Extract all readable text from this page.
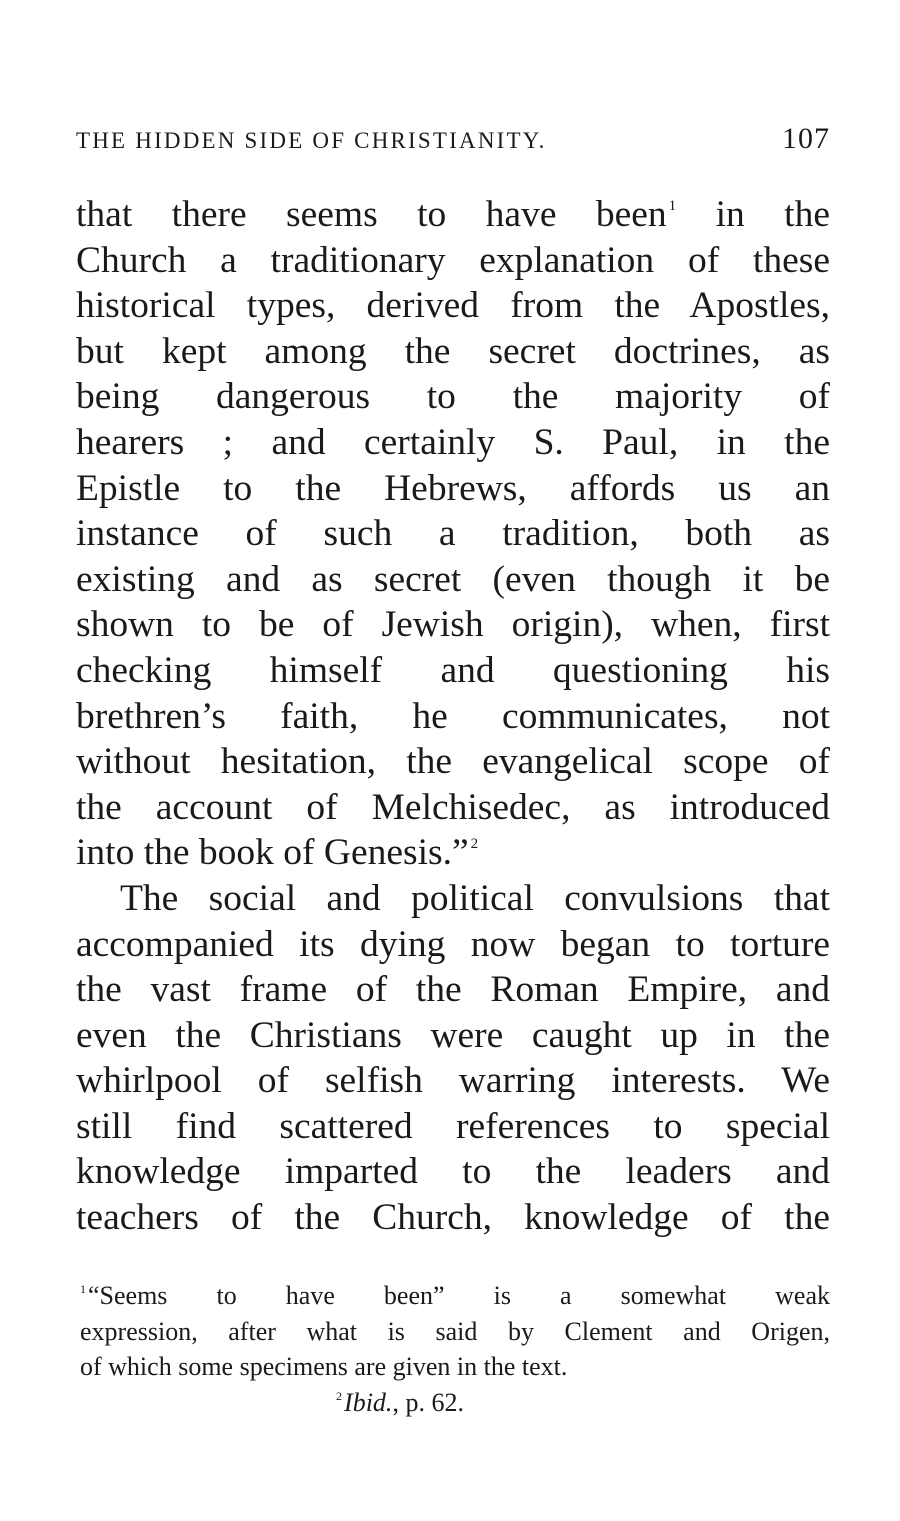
THE HIDDEN SIDE OF CHRISTIANITY.	107
that there seems to have been $^1$ in the
Church a traditionary explanation of these
historical types, derived from the Apostles,
but kept among the secret doctrines, as
being dangerous to the majority of
hearers ; and certainly S. Paul, in the
Epistle to the Hebrews, affords us an
instance of such a tradition, both as
existing and as secret (even though it be
shown to be of Jewish origin), when, first
checking himself and questioning his
brethren’s faith, he communicates, not
without hesitation, the evangelical scope of
the account of Melchisedec, as introduced
into the book of Genesis.” $^2$
The social and political convulsions that
accompanied its dying now began to torture
the vast frame of the Roman Empire, and
even the Christians were caught up in the
whirlpool of selfish warring interests. We
still find scattered references to special
knowledge imparted to the leaders and
teachers of the Church, knowledge of the
$^1$“Seems to have been” is a somewhat weak
expression, after what is said by Clement and Origen,
of which some specimens are given in the text.
$^2$Ibid., p. 62.
